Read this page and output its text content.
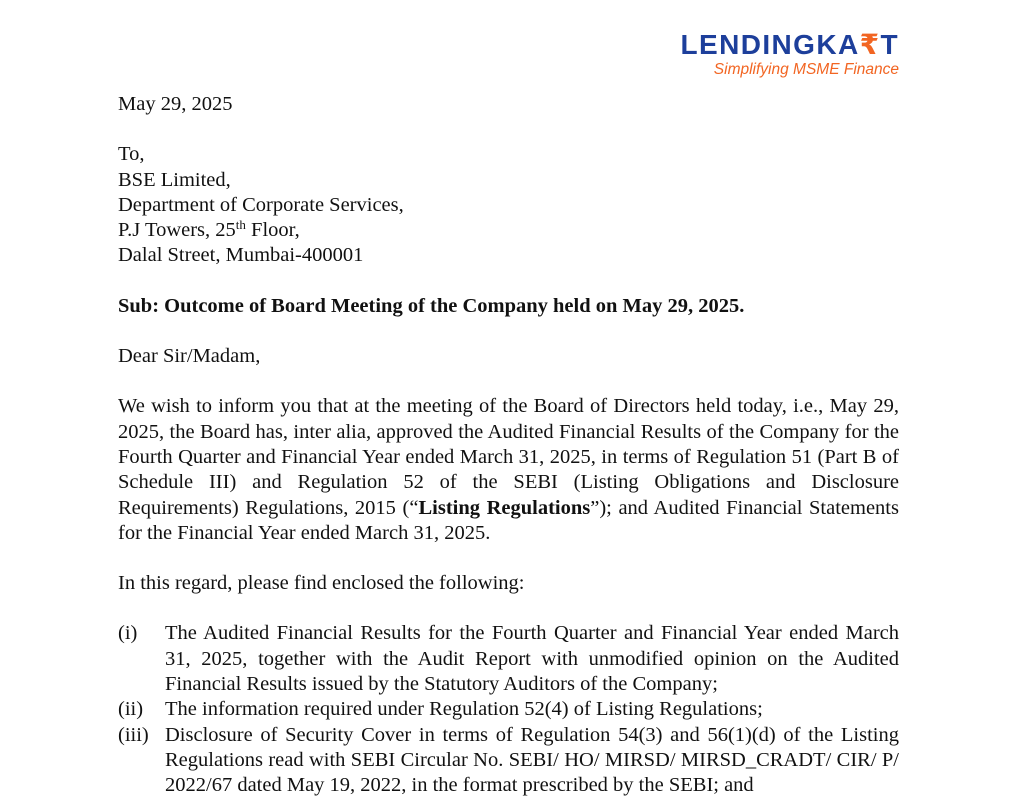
LENDINGKA₹T
Simplifying MSME Finance

May 29, 2025

To,
BSE Limited,
Department of Corporate Services,
P.J Towers, 25th Floor,
Dalal Street, Mumbai-400001

Sub: Outcome of Board Meeting of the Company held on May 29, 2025.

Dear Sir/Madam,

We wish to inform you that at the meeting of the Board of Directors held today, i.e., May 29, 2025, the Board has, inter alia, approved the Audited Financial Results of the Company for the Fourth Quarter and Financial Year ended March 31, 2025, in terms of Regulation 51 (Part B of Schedule III) and Regulation 52 of the SEBI (Listing Obligations and Disclosure Requirements) Regulations, 2015 (“Listing Regulations”); and Audited Financial Statements for the Financial Year ended March 31, 2025.

In this regard, please find enclosed the following:

(i)	The Audited Financial Results for the Fourth Quarter and Financial Year ended March 31, 2025, together with the Audit Report with unmodified opinion on the Audited Financial Results issued by the Statutory Auditors of the Company;
(ii)	The information required under Regulation 52(4) of Listing Regulations;
(iii) Disclosure of Security Cover in terms of Regulation 54(3) and 56(1)(d) of the Listing Regulations read with SEBI Circular No. SEBI/ HO/ MIRSD/ MIRSD_CRADT/ CIR/ P/ 2022/67 dated May 19, 2022, in the format prescribed by the SEBI; and
